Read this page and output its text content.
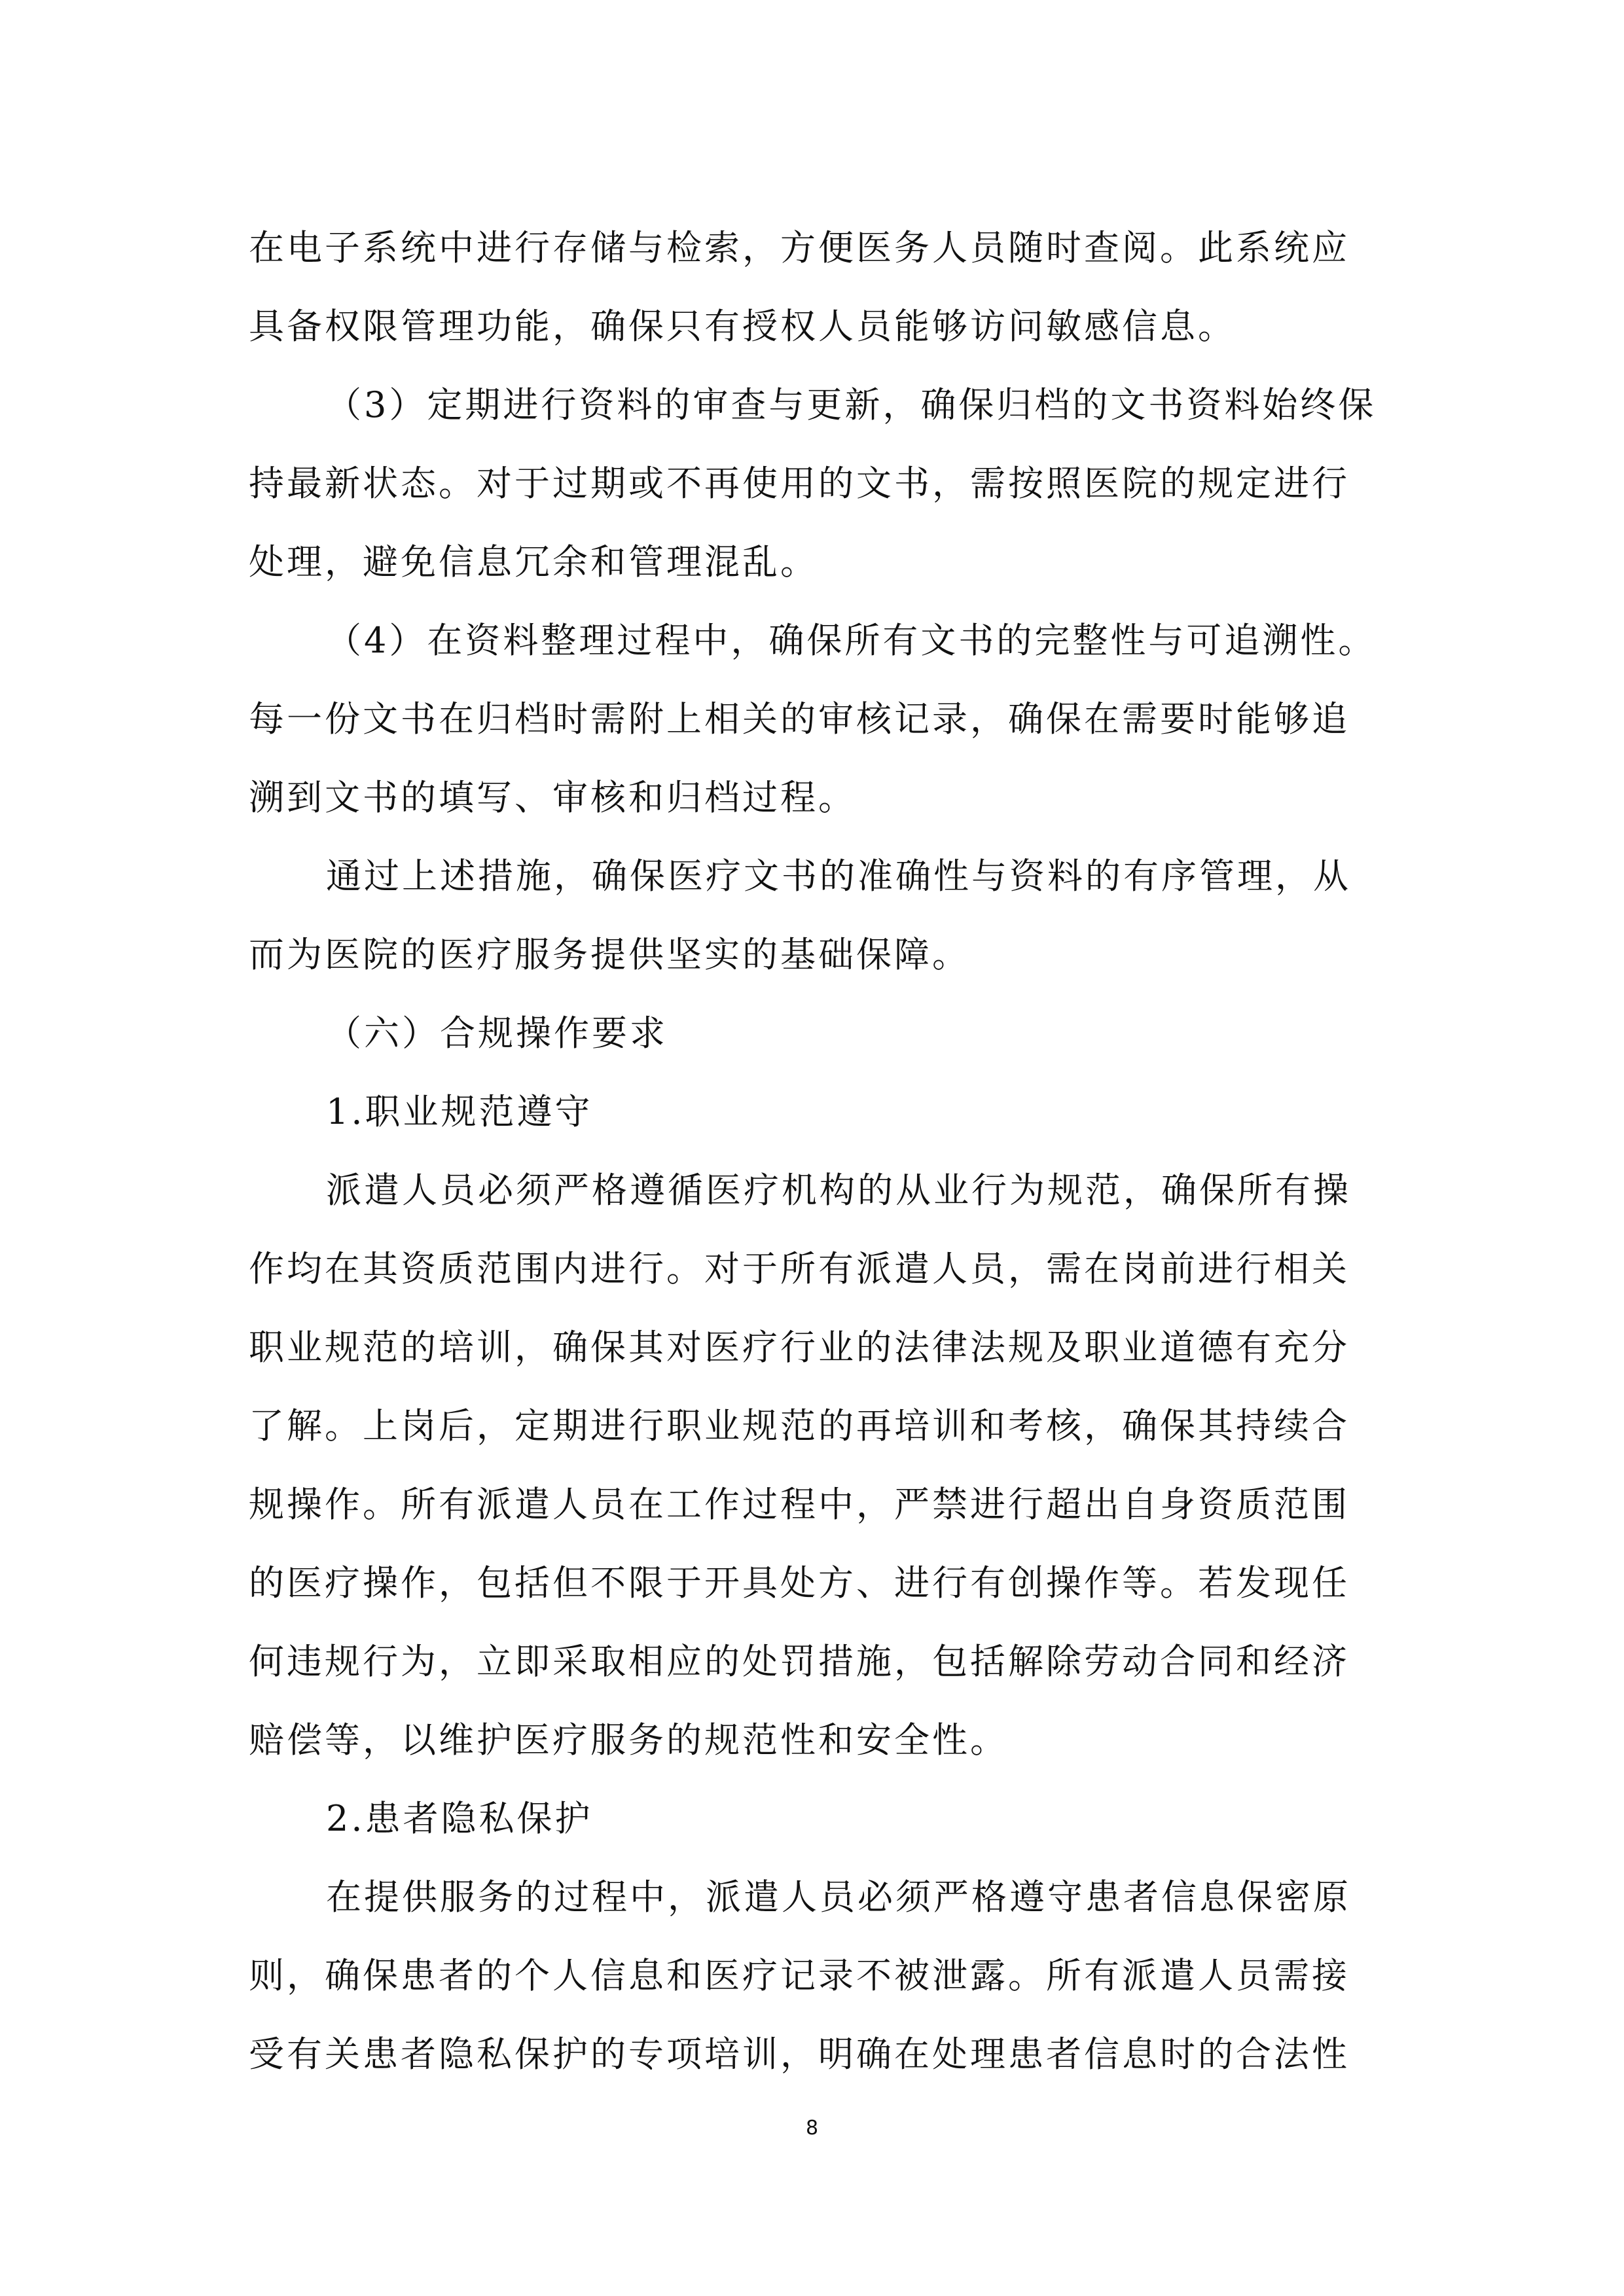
在电子系统中进行存储与检索，方便医务人员随时查阅。此系统应
具备权限管理功能，确保只有授权人员能够访问敏感信息。
（3）定期进行资料的审查与更新，确保归档的文书资料始终保
持最新状态。对于过期或不再使用的文书，需按照医院的规定进行
处理，避免信息冗余和管理混乱。
（4）在资料整理过程中，确保所有文书的完整性与可追溯性。
每一份文书在归档时需附上相关的审核记录，确保在需要时能够追
溯到文书的填写、审核和归档过程。
通过上述措施，确保医疗文书的准确性与资料的有序管理，从
而为医院的医疗服务提供坚实的基础保障。
（六）合规操作要求
1.职业规范遵守
派遣人员必须严格遵循医疗机构的从业行为规范，确保所有操
作均在其资质范围内进行。对于所有派遣人员，需在岗前进行相关
职业规范的培训，确保其对医疗行业的法律法规及职业道德有充分
了解。上岗后，定期进行职业规范的再培训和考核，确保其持续合
规操作。所有派遣人员在工作过程中，严禁进行超出自身资质范围
的医疗操作，包括但不限于开具处方、进行有创操作等。若发现任
何违规行为，立即采取相应的处罚措施，包括解除劳动合同和经济
赔偿等，以维护医疗服务的规范性和安全性。
2.患者隐私保护
在提供服务的过程中，派遣人员必须严格遵守患者信息保密原
则，确保患者的个人信息和医疗记录不被泄露。所有派遣人员需接
受有关患者隐私保护的专项培训，明确在处理患者信息时的合法性
8
